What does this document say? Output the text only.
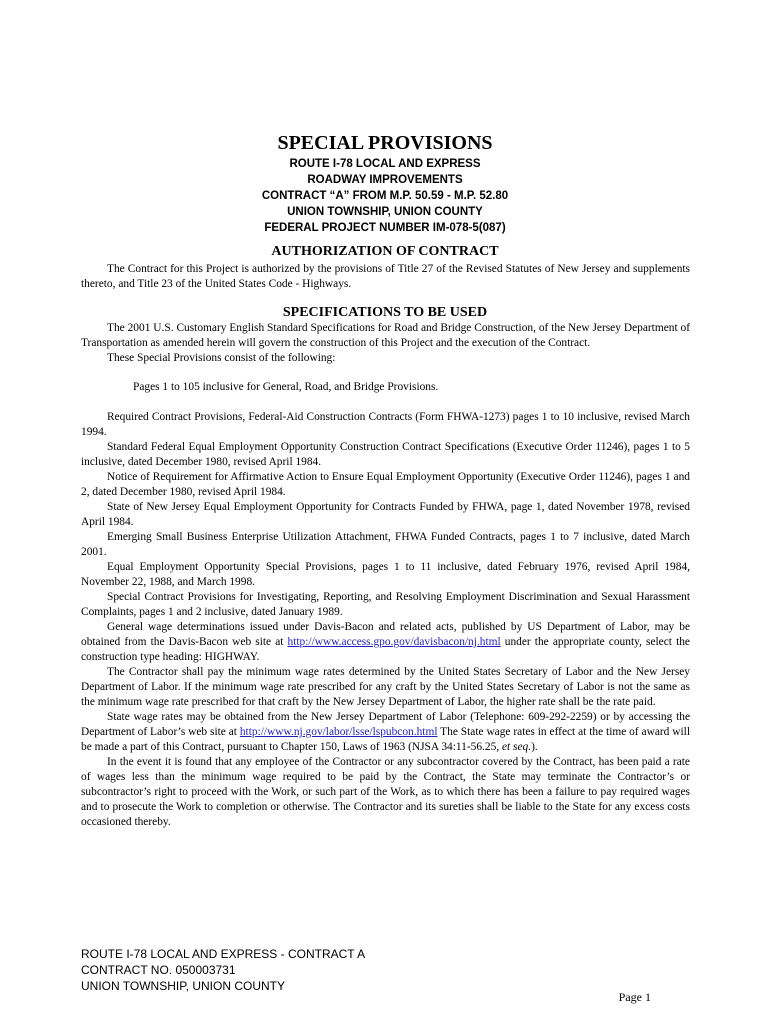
SPECIAL PROVISIONS
ROUTE I-78 LOCAL AND EXPRESS
ROADWAY IMPROVEMENTS
CONTRACT “A” FROM M.P. 50.59 - M.P. 52.80
UNION TOWNSHIP, UNION COUNTY
FEDERAL PROJECT NUMBER IM-078-5(087)
AUTHORIZATION OF CONTRACT

The Contract for this Project is authorized by the provisions of Title 27 of the Revised Statutes of New Jersey and supplements thereto, and Title 23 of the United States Code - Highways.

SPECIFICATIONS TO BE USED

The 2001 U.S. Customary English Standard Specifications for Road and Bridge Construction, of the New Jersey Department of Transportation as amended herein will govern the construction of this Project and the execution of the Contract.

These Special Provisions consist of the following:

Pages 1 to 105 inclusive for General, Road, and Bridge Provisions.

Required Contract Provisions, Federal-Aid Construction Contracts (Form FHWA-1273) pages 1 to 10 inclusive, revised March 1994.

Standard Federal Equal Employment Opportunity Construction Contract Specifications (Executive Order 11246), pages 1 to 5 inclusive, dated December 1980, revised April 1984.

Notice of Requirement for Affirmative Action to Ensure Equal Employment Opportunity (Executive Order 11246), pages 1 and 2, dated December 1980, revised April 1984.

State of New Jersey Equal Employment Opportunity for Contracts Funded by FHWA, page 1, dated November 1978, revised April 1984.

Emerging Small Business Enterprise Utilization Attachment, FHWA Funded Contracts, pages 1 to 7 inclusive, dated March 2001.

Equal Employment Opportunity Special Provisions, pages 1 to 11 inclusive, dated February 1976, revised April 1984, November 22, 1988, and March 1998.

Special Contract Provisions for Investigating, Reporting, and Resolving Employment Discrimination and Sexual Harassment Complaints, pages 1 and 2 inclusive, dated January 1989.

General wage determinations issued under Davis-Bacon and related acts, published by US Department of Labor, may be obtained from the Davis-Bacon web site at http://www.access.gpo.gov/davisbacon/nj.html under the appropriate county, select the construction type heading: HIGHWAY.

The Contractor shall pay the minimum wage rates determined by the United States Secretary of Labor and the New Jersey Department of Labor. If the minimum wage rate prescribed for any craft by the United States Secretary of Labor is not the same as the minimum wage rate prescribed for that craft by the New Jersey Department of Labor, the higher rate shall be the rate paid.

State wage rates may be obtained from the New Jersey Department of Labor (Telephone: 609-292-2259) or by accessing the Department of Labor’s web site at http://www.nj.gov/labor/lsse/lspubcon.html The State wage rates in effect at the time of award will be made a part of this Contract, pursuant to Chapter 150, Laws of 1963 (NJSA 34:11-56.25, et seq.).

In the event it is found that any employee of the Contractor or any subcontractor covered by the Contract, has been paid a rate of wages less than the minimum wage required to be paid by the Contract, the State may terminate the Contractor’s or subcontractor’s right to proceed with the Work, or such part of the Work, as to which there has been a failure to pay required wages and to prosecute the Work to completion or otherwise. The Contractor and its sureties shall be liable to the State for any excess costs occasioned thereby.

ROUTE I-78 LOCAL AND EXPRESS - CONTRACT A
CONTRACT NO. 050003731
UNION TOWNSHIP, UNION COUNTY
Page 1
